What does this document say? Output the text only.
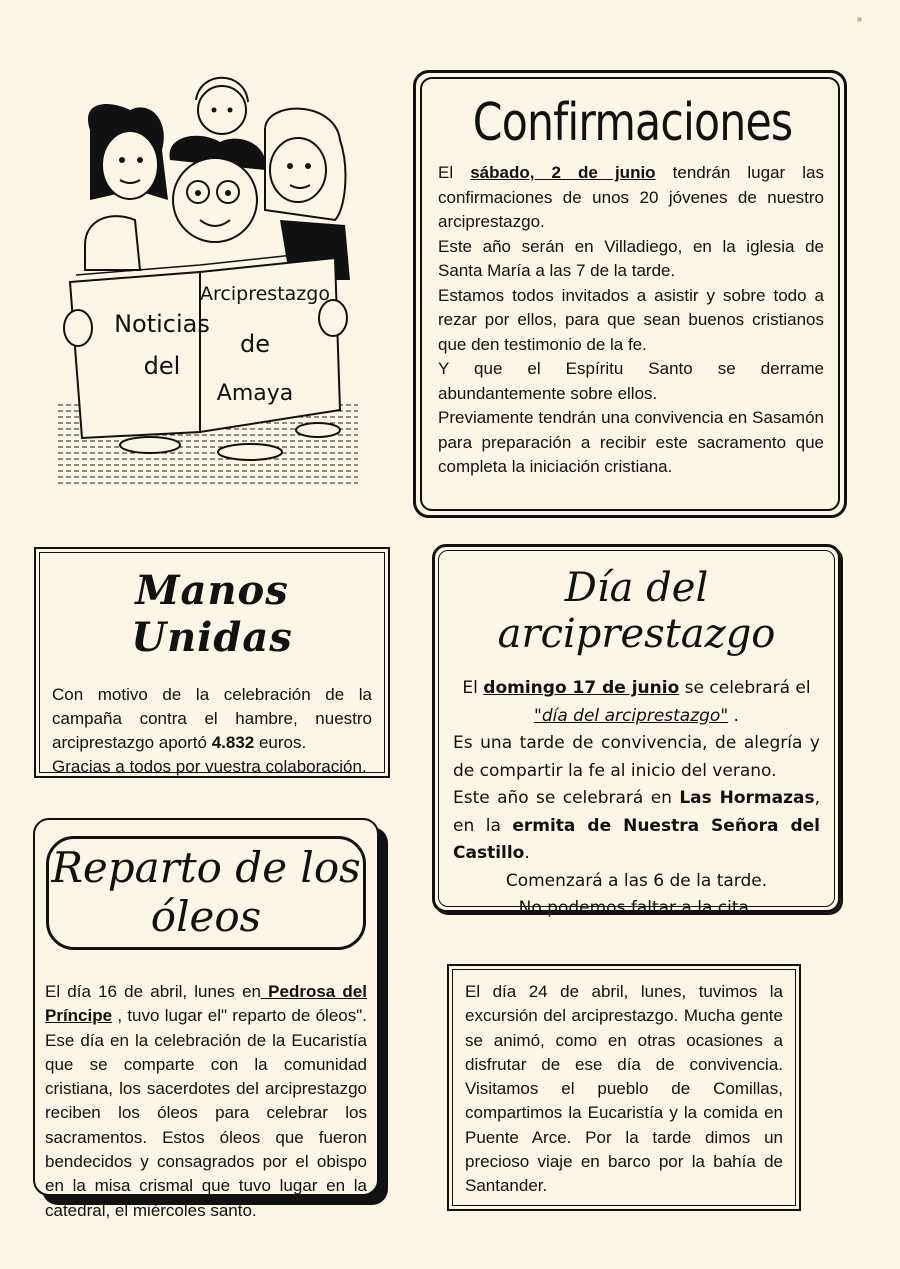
Noticias
del
Arciprestazgo
de
Amaya
Confirmaciones

El sábado, 2 de junio tendrán lugar las confirmaciones de unos 20 jóvenes de nuestro arciprestazgo.

Este año serán en Villadiego, en la iglesia de Santa María a las 7 de la tarde.

Estamos todos invitados a asistir y sobre todo a rezar por ellos, para que sean buenos cristianos que den testimonio de la fe.

Y que el Espíritu Santo se derrame abundantemente sobre ellos.

Previamente tendrán una convivencia en Sasamón para preparación a recibir este sacramento que completa la iniciación cristiana.

Manos Unidas

Con motivo de la celebración de la campaña contra el hambre, nuestro arciprestazgo aportó 4.832 euros.

Gracias a todos por vuestra colaboración.

Día del arciprestazgo

El domingo 17 de junio se celebrará el

"día del arciprestazgo" .

Es una tarde de convivencia, de alegría y de compartir la fe al inicio del verano.

Este año se celebrará en Las Hormazas, en la ermita de Nuestra Señora del Castillo.

Comenzará a las 6 de la tarde.

No podemos faltar a la cita.

Reparto de los óleos

El día 16 de abril, lunes en Pedrosa del Príncipe , tuvo lugar el" reparto de óleos". Ese día en la celebración de la Eucaristía que se comparte con la comunidad cristiana, los sacerdotes del arciprestazgo reciben los óleos para celebrar los sacramentos. Estos óleos que fueron bendecidos y consagrados por el obispo en la misa crismal que tuvo lugar en la catedral, el miércoles santo.

El día 24 de abril, lunes, tuvimos la excursión del arciprestazgo. Mucha gente se animó, como en otras ocasiones a disfrutar de ese día de convivencia. Visitamos el pueblo de Comillas, compartimos la Eucaristía y la comida en Puente Arce. Por la tarde dimos un precioso viaje en barco por la bahía de Santander.
